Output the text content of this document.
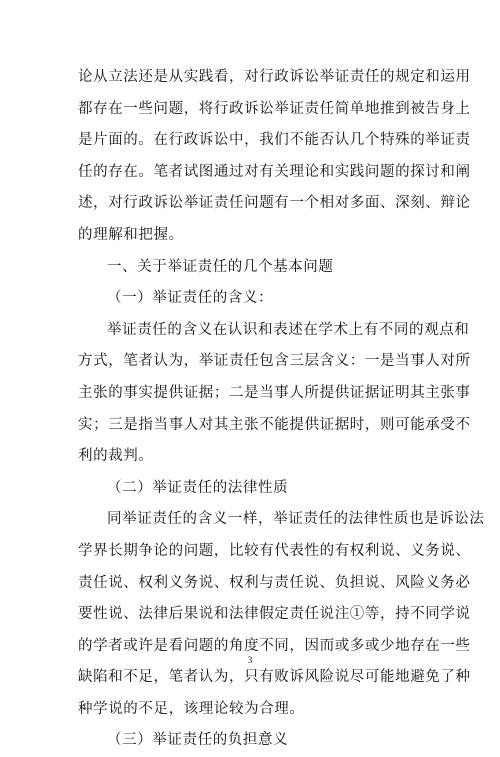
论从立法还是从实践看，对行政诉讼举证责任的规定和运用
都存在一些问题，将行政诉讼举证责任简单地推到被告身上
是片面的。在行政诉讼中，我们不能否认几个特殊的举证责
任的存在。笔者试图通过对有关理论和实践问题的探讨和阐
述，对行政诉讼举证责任问题有一个相对多面、深刻、辩论
的理解和把握。
一、关于举证责任的几个基本问题
（一）举证责任的含义：
举证责任的含义在认识和表述在学术上有不同的观点和
方式，笔者认为，举证责任包含三层含义：一是当事人对所
主张的事实提供证据；二是当事人所提供证据证明其主张事
实；三是指当事人对其主张不能提供证据时，则可能承受不
利的裁判。
（二）举证责任的法律性质
同举证责任的含义一样，举证责任的法律性质也是诉讼法
学界长期争论的问题，比较有代表性的有权利说、义务说、
责任说、权利义务说、权利与责任说、负担说、风险义务必
要性说、法律后果说和法律假定责任说注①等，持不同学说
的学者或许是看问题的角度不同，因而或多或少地存在一些
缺陷和不足，笔者认为，只有败诉风险说尽可能地避免了种
种学说的不足，该理论较为合理。
（三）举证责任的负担意义
3
